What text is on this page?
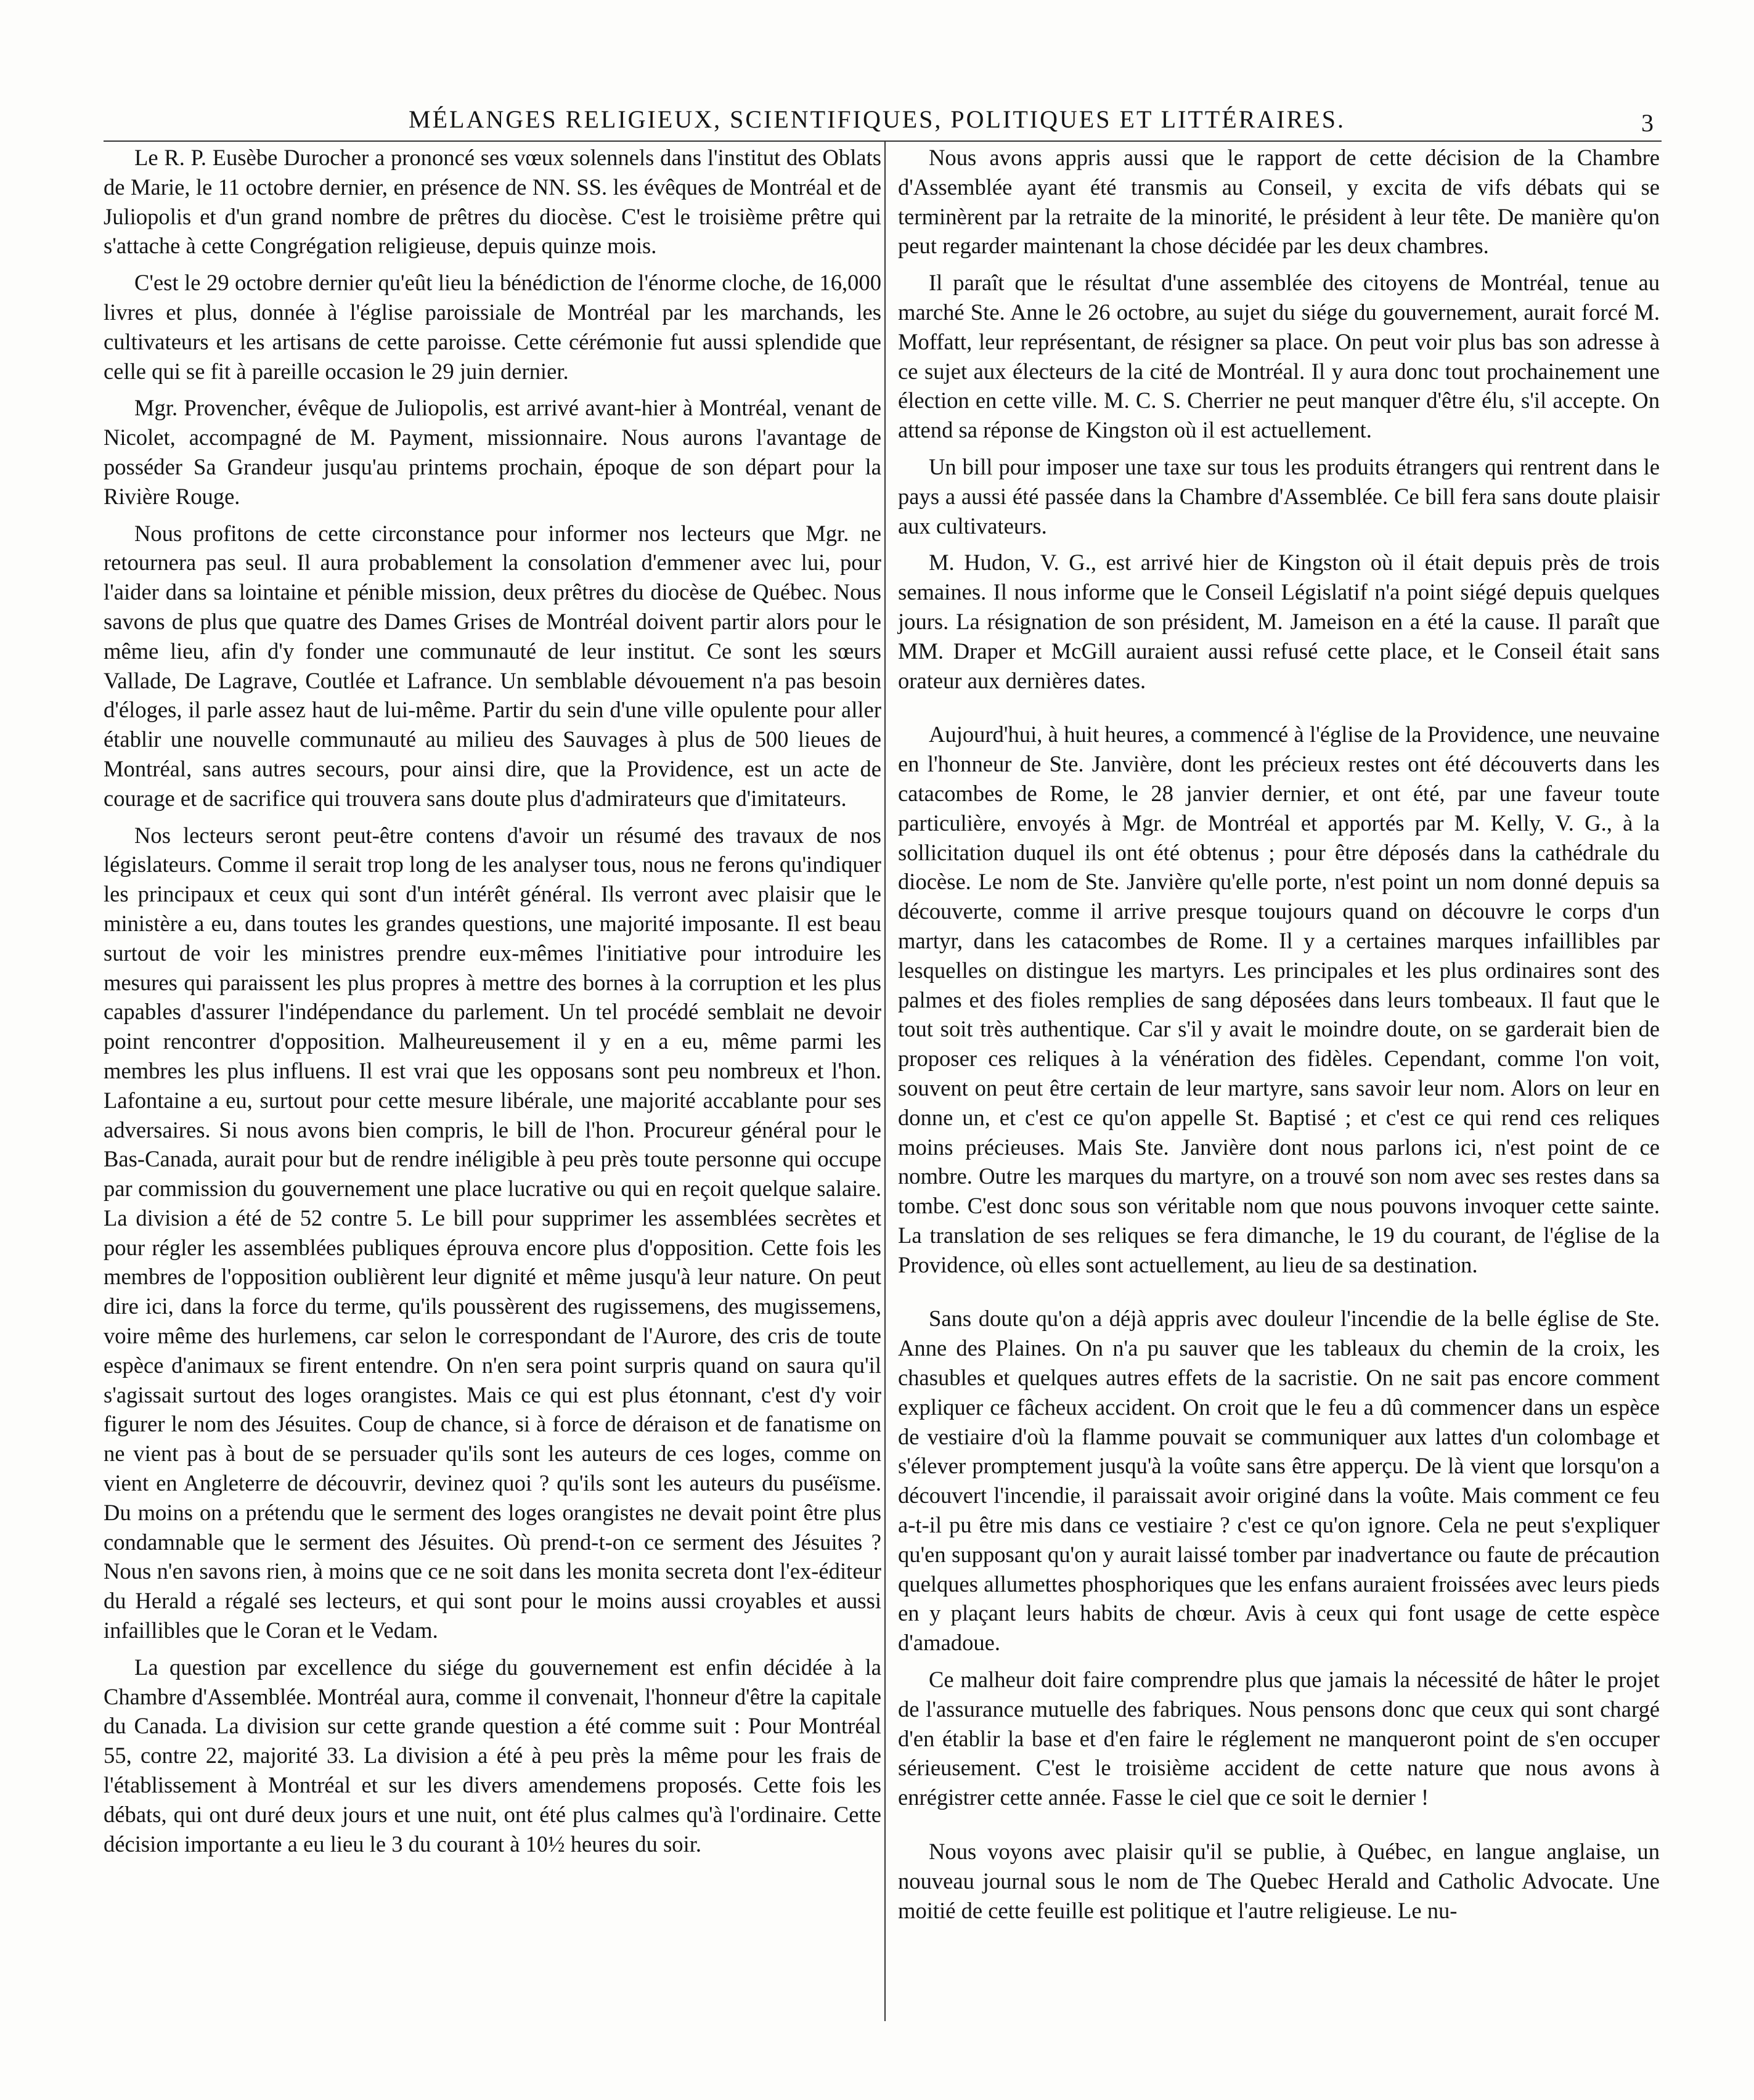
MÉLANGES RELIGIEUX, SCIENTIFIQUES, POLITIQUES ET LITTÉRAIRES.	3

Le R. P. Eusèbe Durocher a prononcé ses vœux solennels dans l'institut des Oblats de Marie, le 11 octobre dernier, en présence de NN. SS. les évêques de Montréal et de Juliopolis et d'un grand nombre de prêtres du diocèse. C'est le troisième prêtre qui s'attache à cette Congrégation religieuse, depuis quinze mois.

C'est le 29 octobre dernier qu'eût lieu la bénédiction de l'énorme cloche, de 16,000 livres et plus, donnée à l'église paroissiale de Montréal par les marchands, les cultivateurs et les artisans de cette paroisse. Cette cérémonie fut aussi splendide que celle qui se fit à pareille occasion le 29 juin dernier.

Mgr. Provencher, évêque de Juliopolis, est arrivé avant-hier à Montréal, venant de Nicolet, accompagné de M. Payment, missionnaire. Nous aurons l'avantage de posséder Sa Grandeur jusqu'au printems prochain, époque de son départ pour la Rivière Rouge.

Nous profitons de cette circonstance pour informer nos lecteurs que Mgr. ne retournera pas seul. Il aura probablement la consolation d'emmener avec lui, pour l'aider dans sa lointaine et pénible mission, deux prêtres du diocèse de Québec. Nous savons de plus que quatre des Dames Grises de Montréal doivent partir alors pour le même lieu, afin d'y fonder une communauté de leur institut. Ce sont les sœurs Vallade, De Lagrave, Coutlée et Lafrance. Un semblable dévouement n'a pas besoin d'éloges, il parle assez haut de lui-même. Partir du sein d'une ville opulente pour aller établir une nouvelle communauté au milieu des Sauvages à plus de 500 lieues de Montréal, sans autres secours, pour ainsi dire, que la Providence, est un acte de courage et de sacrifice qui trouvera sans doute plus d'admirateurs que d'imitateurs.

Nos lecteurs seront peut-être contens d'avoir un résumé des travaux de nos législateurs. Comme il serait trop long de les analyser tous, nous ne ferons qu'indiquer les principaux et ceux qui sont d'un intérêt général. Ils verront avec plaisir que le ministère a eu, dans toutes les grandes questions, une majorité imposante. Il est beau surtout de voir les ministres prendre eux-mêmes l'initiative pour introduire les mesures qui paraissent les plus propres à mettre des bornes à la corruption et les plus capables d'assurer l'indépendance du parlement. Un tel procédé semblait ne devoir point rencontrer d'opposition. Malheureusement il y en a eu, même parmi les membres les plus influens. Il est vrai que les opposans sont peu nombreux et l'hon. Lafontaine a eu, surtout pour cette mesure libérale, une majorité accablante pour ses adversaires. Si nous avons bien compris, le bill de l'hon. Procureur général pour le Bas-Canada, aurait pour but de rendre inéligible à peu près toute personne qui occupe par commission du gouvernement une place lucrative ou qui en reçoit quelque salaire. La division a été de 52 contre 5. Le bill pour supprimer les assemblées secrètes et pour régler les assemblées publiques éprouva encore plus d'opposition. Cette fois les membres de l'opposition oublièrent leur dignité et même jusqu'à leur nature. On peut dire ici, dans la force du terme, qu'ils poussèrent des rugissemens, des mugissemens, voire même des hurlemens, car selon le correspondant de l'Aurore, des cris de toute espèce d'animaux se firent entendre. On n'en sera point surpris quand on saura qu'il s'agissait surtout des loges orangistes. Mais ce qui est plus étonnant, c'est d'y voir figurer le nom des Jésuites. Coup de chance, si à force de déraison et de fanatisme on ne vient pas à bout de se persuader qu'ils sont les auteurs de ces loges, comme on vient en Angleterre de découvrir, devinez quoi ? qu'ils sont les auteurs du puséïsme. Du moins on a prétendu que le serment des loges orangistes ne devait point être plus condamnable que le serment des Jésuites. Où prend-t-on ce serment des Jésuites ? Nous n'en savons rien, à moins que ce ne soit dans les monita secreta dont l'ex-éditeur du Herald a régalé ses lecteurs, et qui sont pour le moins aussi croyables et aussi infaillibles que le Coran et le Vedam.

La question par excellence du siége du gouvernement est enfin décidée à la Chambre d'Assemblée. Montréal aura, comme il convenait, l'honneur d'être la capitale du Canada. La division sur cette grande question a été comme suit : Pour Montréal 55, contre 22, majorité 33. La division a été à peu près la même pour les frais de l'établissement à Montréal et sur les divers amendemens proposés. Cette fois les débats, qui ont duré deux jours et une nuit, ont été plus calmes qu'à l'ordinaire. Cette décision importante a eu lieu le 3 du courant à 10½ heures du soir.

Nous avons appris aussi que le rapport de cette décision de la Chambre d'Assemblée ayant été transmis au Conseil, y excita de vifs débats qui se terminèrent par la retraite de la minorité, le président à leur tête. De manière qu'on peut regarder maintenant la chose décidée par les deux chambres.

Il paraît que le résultat d'une assemblée des citoyens de Montréal, tenue au marché Ste. Anne le 26 octobre, au sujet du siége du gouvernement, aurait forcé M. Moffatt, leur représentant, de résigner sa place. On peut voir plus bas son adresse à ce sujet aux électeurs de la cité de Montréal. Il y aura donc tout prochainement une élection en cette ville. M. C. S. Cherrier ne peut manquer d'être élu, s'il accepte. On attend sa réponse de Kingston où il est actuellement.

Un bill pour imposer une taxe sur tous les produits étrangers qui rentrent dans le pays a aussi été passée dans la Chambre d'Assemblée. Ce bill fera sans doute plaisir aux cultivateurs.

M. Hudon, V. G., est arrivé hier de Kingston où il était depuis près de trois semaines. Il nous informe que le Conseil Législatif n'a point siégé depuis quelques jours. La résignation de son président, M. Jameison en a été la cause. Il paraît que MM. Draper et McGill auraient aussi refusé cette place, et le Conseil était sans orateur aux dernières dates.

Aujourd'hui, à huit heures, a commencé à l'église de la Providence, une neuvaine en l'honneur de Ste. Janvière, dont les précieux restes ont été découverts dans les catacombes de Rome, le 28 janvier dernier, et ont été, par une faveur toute particulière, envoyés à Mgr. de Montréal et apportés par M. Kelly, V. G., à la sollicitation duquel ils ont été obtenus ; pour être déposés dans la cathédrale du diocèse. Le nom de Ste. Janvière qu'elle porte, n'est point un nom donné depuis sa découverte, comme il arrive presque toujours quand on découvre le corps d'un martyr, dans les catacombes de Rome. Il y a certaines marques infaillibles par lesquelles on distingue les martyrs. Les principales et les plus ordinaires sont des palmes et des fioles remplies de sang déposées dans leurs tombeaux. Il faut que le tout soit très authentique. Car s'il y avait le moindre doute, on se garderait bien de proposer ces reliques à la vénération des fidèles. Cependant, comme l'on voit, souvent on peut être certain de leur martyre, sans savoir leur nom. Alors on leur en donne un, et c'est ce qu'on appelle St. Baptisé ; et c'est ce qui rend ces reliques moins précieuses. Mais Ste. Janvière dont nous parlons ici, n'est point de ce nombre. Outre les marques du martyre, on a trouvé son nom avec ses restes dans sa tombe. C'est donc sous son véritable nom que nous pouvons invoquer cette sainte. La translation de ses reliques se fera dimanche, le 19 du courant, de l'église de la Providence, où elles sont actuellement, au lieu de sa destination.

Sans doute qu'on a déjà appris avec douleur l'incendie de la belle église de Ste. Anne des Plaines. On n'a pu sauver que les tableaux du chemin de la croix, les chasubles et quelques autres effets de la sacristie. On ne sait pas encore comment expliquer ce fâcheux accident. On croit que le feu a dû commencer dans un espèce de vestiaire d'où la flamme pouvait se communiquer aux lattes d'un colombage et s'élever promptement jusqu'à la voûte sans être apperçu. De là vient que lorsqu'on a découvert l'incendie, il paraissait avoir originé dans la voûte. Mais comment ce feu a-t-il pu être mis dans ce vestiaire ? c'est ce qu'on ignore. Cela ne peut s'expliquer qu'en supposant qu'on y aurait laissé tomber par inadvertance ou faute de précaution quelques allumettes phosphoriques que les enfans auraient froissées avec leurs pieds en y plaçant leurs habits de chœur. Avis à ceux qui font usage de cette espèce d'amadoue.

Ce malheur doit faire comprendre plus que jamais la nécessité de hâter le projet de l'assurance mutuelle des fabriques. Nous pensons donc que ceux qui sont chargé d'en établir la base et d'en faire le réglement ne manqueront point de s'en occuper sérieusement. C'est le troisième accident de cette nature que nous avons à enrégistrer cette année. Fasse le ciel que ce soit le dernier !

Nous voyons avec plaisir qu'il se publie, à Québec, en langue anglaise, un nouveau journal sous le nom de The Quebec Herald and Catholic Advocate. Une moitié de cette feuille est politique et l'autre religieuse. Le nu-
